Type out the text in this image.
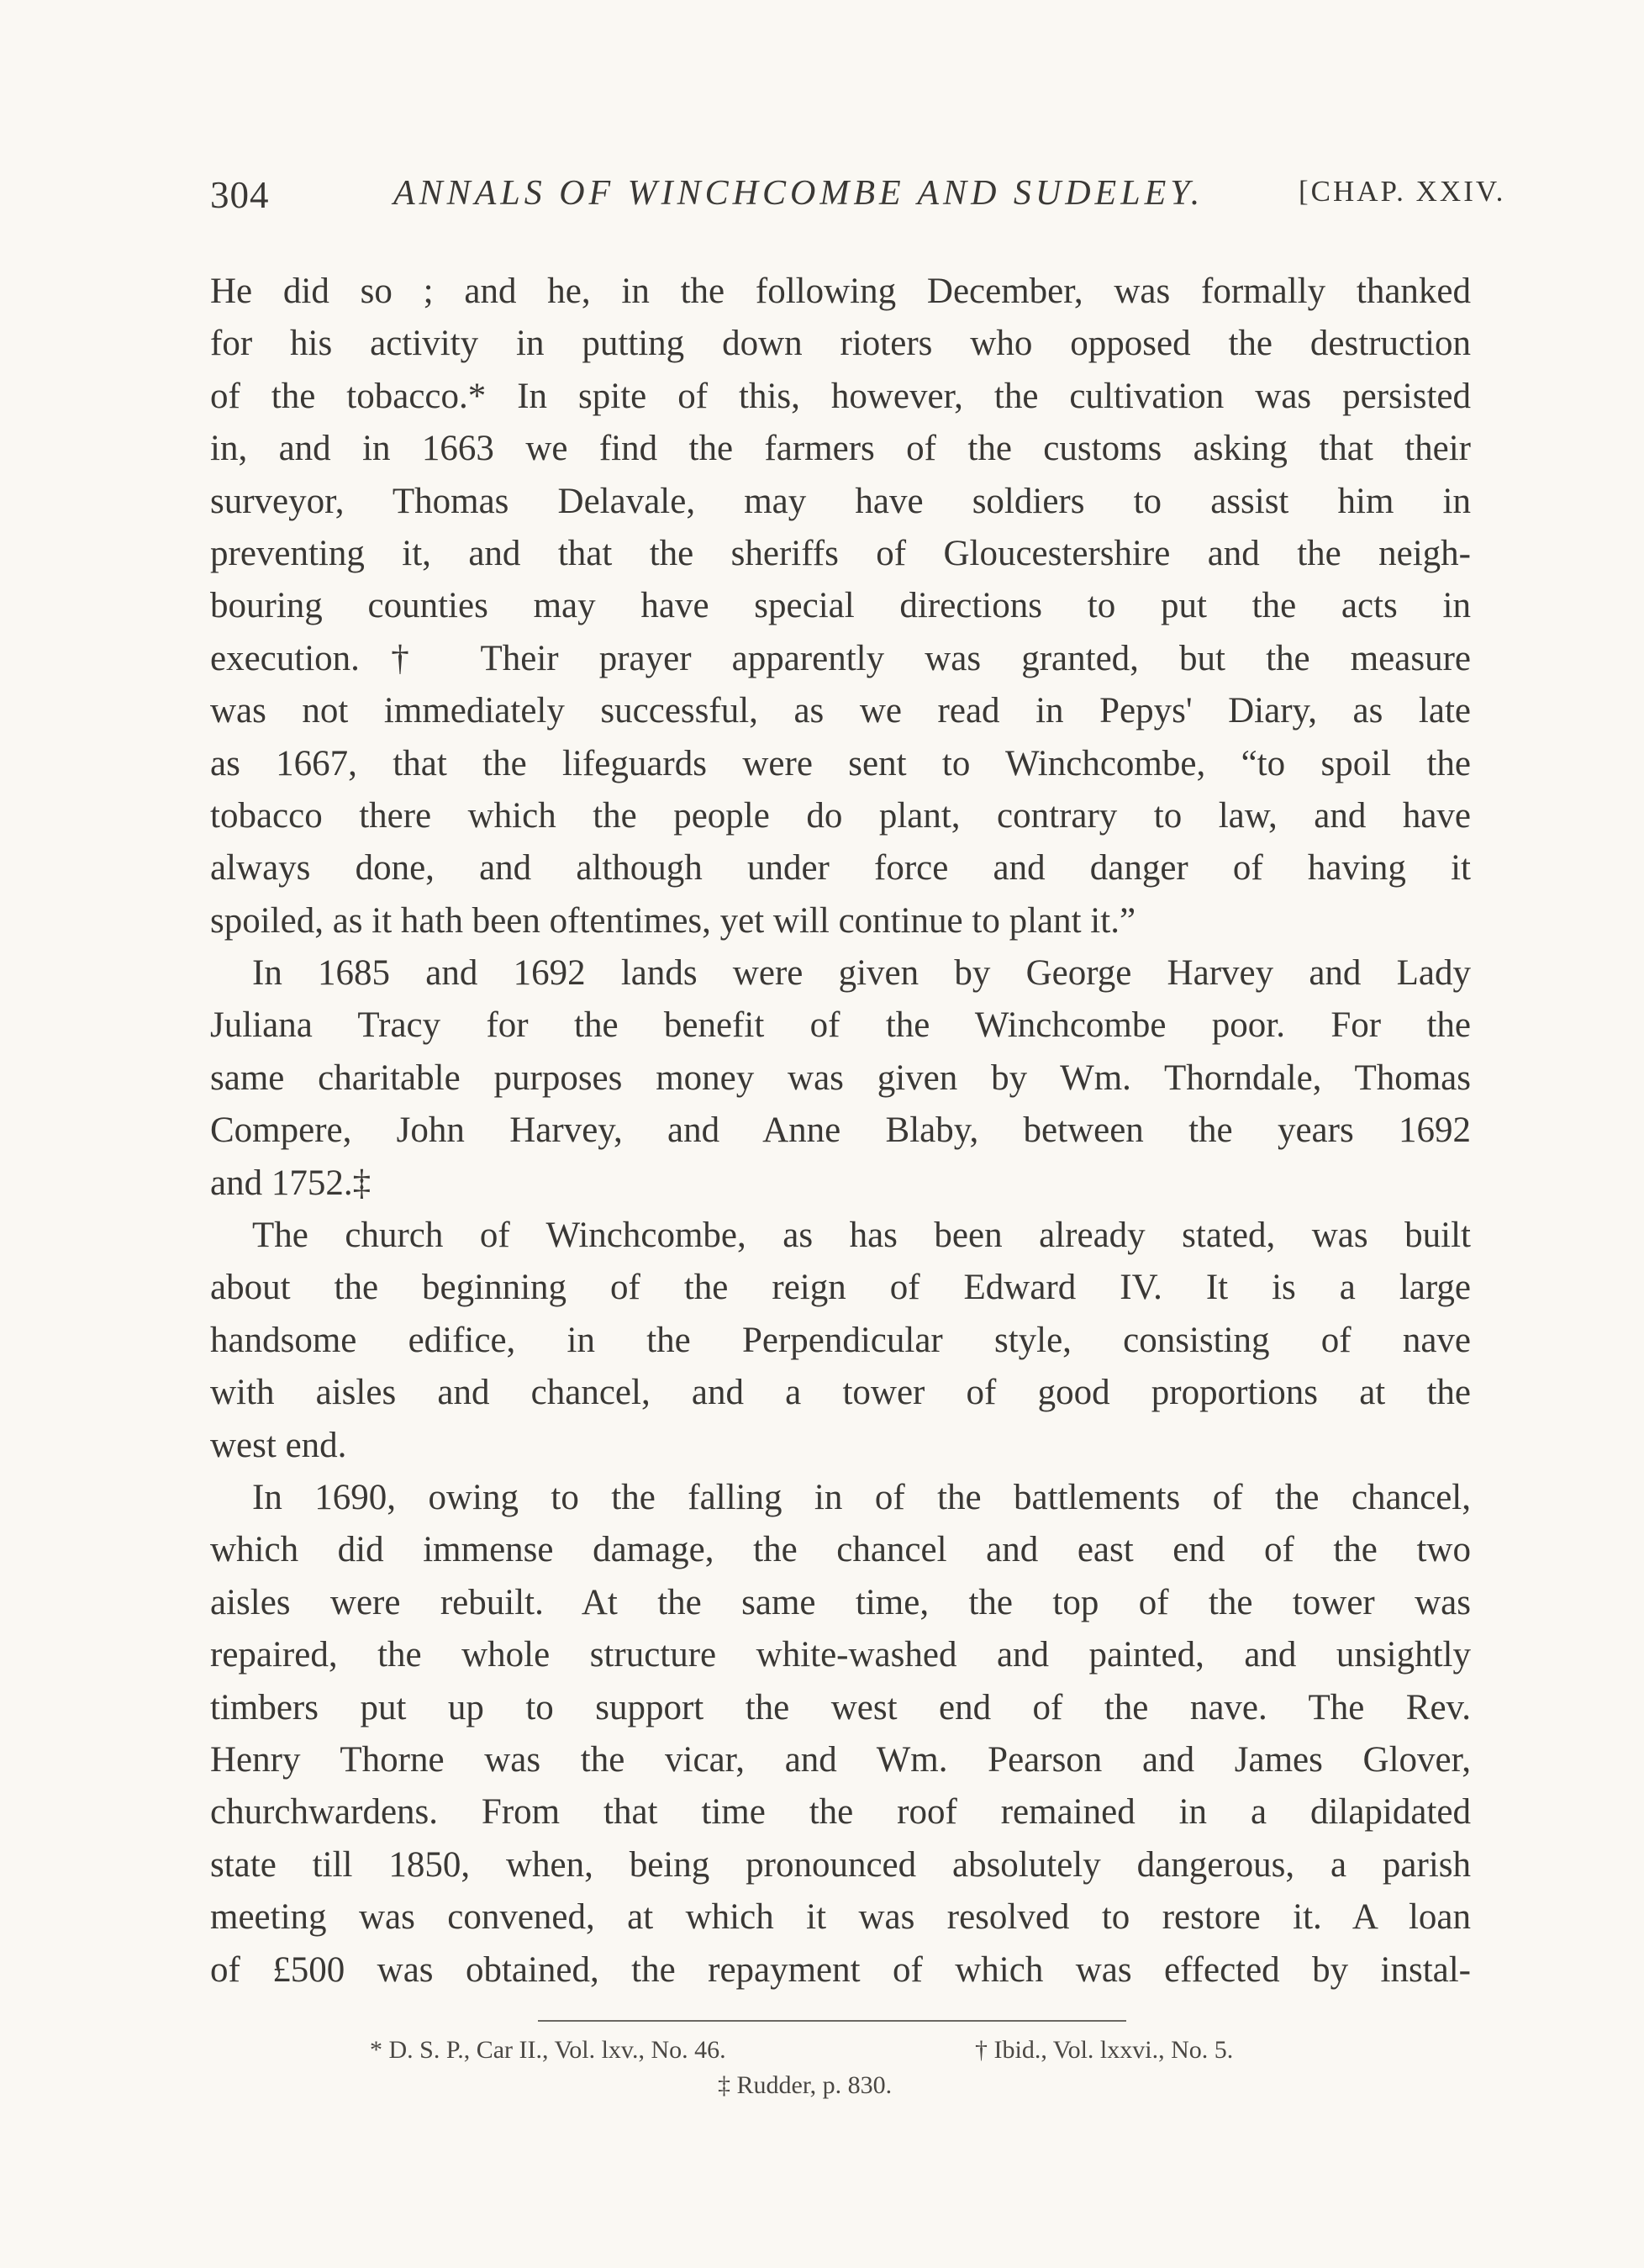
304	ANNALS OF WINCHCOMBE AND SUDELEY.	[CHAP. XXIV.
He did so ; and he, in the following December, was formally thanked
for his activity in putting down rioters who opposed the destruction
of the tobacco.* In spite of this, however, the cultivation was persisted
in, and in 1663 we find the farmers of the customs asking that their
surveyor, Thomas Delavale, may have soldiers to assist him in
preventing it, and that the sheriffs of Gloucestershire and the neigh-
bouring counties may have special directions to put the acts in
execution.† Their prayer apparently was granted, but the measure
was not immediately successful, as we read in Pepys' Diary, as late
as 1667, that the lifeguards were sent to Winchcombe, “to spoil the
tobacco there which the people do plant, contrary to law, and have
always done, and although under force and danger of having it
spoiled, as it hath been oftentimes, yet will continue to plant it.”
In 1685 and 1692 lands were given by George Harvey and Lady
Juliana Tracy for the benefit of the Winchcombe poor. For the
same charitable purposes money was given by Wm. Thorndale, Thomas
Compere, John Harvey, and Anne Blaby, between the years 1692
and 1752.‡
The church of Winchcombe, as has been already stated, was built
about the beginning of the reign of Edward IV. It is a large
handsome edifice, in the Perpendicular style, consisting of nave
with aisles and chancel, and a tower of good proportions at the
west end.
In 1690, owing to the falling in of the battlements of the chancel,
which did immense damage, the chancel and east end of the two
aisles were rebuilt. At the same time, the top of the tower was
repaired, the whole structure white-washed and painted, and unsightly
timbers put up to support the west end of the nave. The Rev.
Henry Thorne was the vicar, and Wm. Pearson and James Glover,
churchwardens. From that time the roof remained in a dilapidated
state till 1850, when, being pronounced absolutely dangerous, a parish
meeting was convened, at which it was resolved to restore it. A loan
of £500 was obtained, the repayment of which was effected by instal-
* D. S. P., Car II., Vol. lxv., No. 46.	† Ibid., Vol. lxxvi., No. 5.
‡ Rudder, p. 830.
